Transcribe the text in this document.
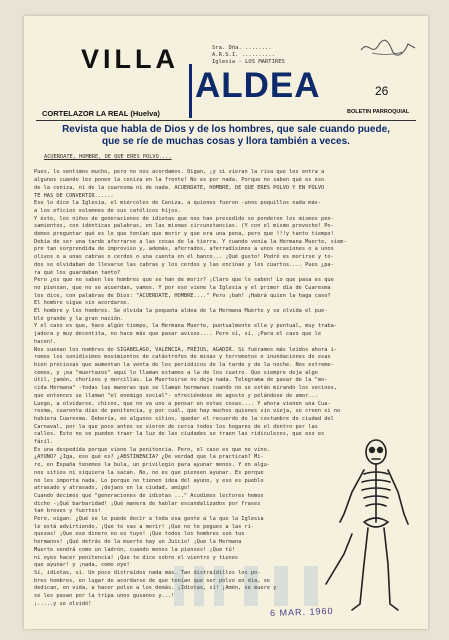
Sra. Dña. ........
A.R.S.I. ..........
Iglesia - LOS MARTIRES
VILLA
ALDEA	26
CORTELAZOR LA REAL (Huelva)	BOLETIN PARROQUIAL
Revista que habla de Dios y de los hombres, que sale cuando puede,
que se ríe de muchas cosas y llora también a veces.
ACUERDATE, HOMBRE, DE QUE ERES POLVO....

Pues, lo sentimos mucho, pero no nos acordamos. Oigan, ¡y si vieran la risa que les entra a
algunos cuando les ponen la ceniza en la frente! No es por nada. Porque no saben qué es eso
de la ceniza, ni de la cuaresma ni de nada. ACUERDATE, HOMBRE, DE QUE ERES POLVO Y EN POLVO
TE HAS DE CONVERTIR......
Eso lo dice la Iglesia, el miércoles de Ceniza, a quienes fueron -unos poquillos nada más-
a los oficios solemnes de sus católicos hijos.
Y éste, los niños de generaciones de idiotas que nos han precedido se ponderon los mismos pen-
samientos, con idénticas palabras, en las mismas circunstancias. (Y con el mismo provecho! Po-
demos preguntar qué es lo que tenían que morir y que era una pena, pero que !!!y tanto tiempo!
Debía de ser una tarde aferrarse a las cosas de la tierra. Y cuando venía la Hermana Muerte, siem-
pre tan sorprendida de improviso y, además, aferrados, aferradísimos a unos ocasiones o a unos
olivos o a unas cabras o cerdos o una cuenta en el banco... ¡Qué gusto! Podré es morirse y to-
dos se olvidaban de llevarse las cabras y los cerdos y las encinas y los cuartos.... Pues ¿pa-
ra qué los guardaban tanto?
Pero ¿es que no saben los hombres que se han de morir? ¡Claro que lo saben! Lo que pasa es que
no piensan, que no se acuerdan, vamos. Y por eso viene la Iglesia y el primer día de Cuaresma
les dice, con palabras de Dios: "ACUERDATE, HOMBRE...." Pero ¡bah! ¡Habrá quien la haga caso?
El hombre sigue sin acordarse.
El hombre y los hombres. Se olvida la pequeña aldea de la Hermana Muerte y se olvida el pue-
blo grande y la gran nación.
Y el caso es que, hace algún tiempo, la Hermana Muerte, puntualmente ella y puntual, muy traba-
jadora y muy decentita, no hace más que pasar avisos.... Pero sí, sí. ¡Para el caso que le
hacen!.
Nos suenan los nombres de SIGABELAGO, VALENCIA, FREJUS, AGADIR. Si fuéramos más leídos ahora i-
remos los sonidísimos movimientos de catástrofes de minas y terremotos e inundaciones de esas
bien preciosas que aumentan la venta de los periódicos de la tarde y de la noche. Nos estreme-
cemos, y ¡ea "muertazos" aquí lo llaman estamos a la de los cuatro. Que siempre deja algo
útil, jamón, chorizos y morcillas. La Muerteirse no deja nada. Telegrama de pasar de la "mo-
cida Hermana" -todas las maneras que se llaman hermanas cuando no se están mirando los vecinos,
que entonces se llaman "el enemigo social"- ofreciéndose de agosto y pelándose de amor...
Luego, a olvidarse, chicos, que no va uno a pensar en estas cosas.... Y ahora vienen una Cua-
resma, cuarenta días de penitencia, y por cuál, que hay muchos quienes sin vieja, se creen si no
hubiera Cuaresma. Debería, en algunos sitios, quedar el recuerdo de la costumbre de ciudad del
Carnaval, por la que poco antes se vieron de cerca todos los hogares de el dentro por las
calles. Esto no se pueden traer la luz de las ciudades se traen las ridiculeces, que eso es
fácil.
Es una despedida porque viene la penitencia. Pero, el caso es que no vino.
¿AYUNO? ¿Iga, eso qué es? ¿ABSTINENCIA? ¿De verdad que la practican? Mi-
re, en España tenemos la bula, un privilegio para ayunar menos. Y en algu-
nos sitios ni siquiera la sacan. No, no es que piensen ayunar. Es porque
no les importa nada. Lo porque no tienen idea del ayuno, y eso es pueblo
atrasado y atrasado, ¡dejaos en la ciudad, amigo!
Cuando decimos que "generaciones de idiotas ..." Acudimos lectores hemos
dicho -¡Qué barbaridad! ¡Qué manera de hablar escandalizados por frases
tan breves y fuertes!
Pero, oigan: ¿Qué se le puede decir a toda esa gente a la que la Iglesia
le está advirtiendo, ¡Que te vas a morir! ¡Que no te pegues a las ri-
quezas! ¡Que ese dinero no es tuyo! ¡Que todos los hombres son tus
hermanos! ¡Qué detrás de la muerte hay un Juicio! ¡Que la Hermana
Muerte vendrá como un ladrón, cuando menos la pienses! ¡Que tú!
ni oyes hacer penitencia! ¡Que te dice sobre el vientre y tienes
que ayunar! y ¡nada, como oye!
Sí, idiotas, sí. Un poco distraídos nada más. Tan distraídillos los po-
bres hombres, en lugar de acordarse de que tenían que ser polvo en día, se
dedican, en vida, a hacer polvo a los demás. ¡Idiotas, sí! ¡Amén, se muere y
se les pasan por la tripa unos gusanos y...!
¡.....y se olvidó!
6 MAR. 1960
